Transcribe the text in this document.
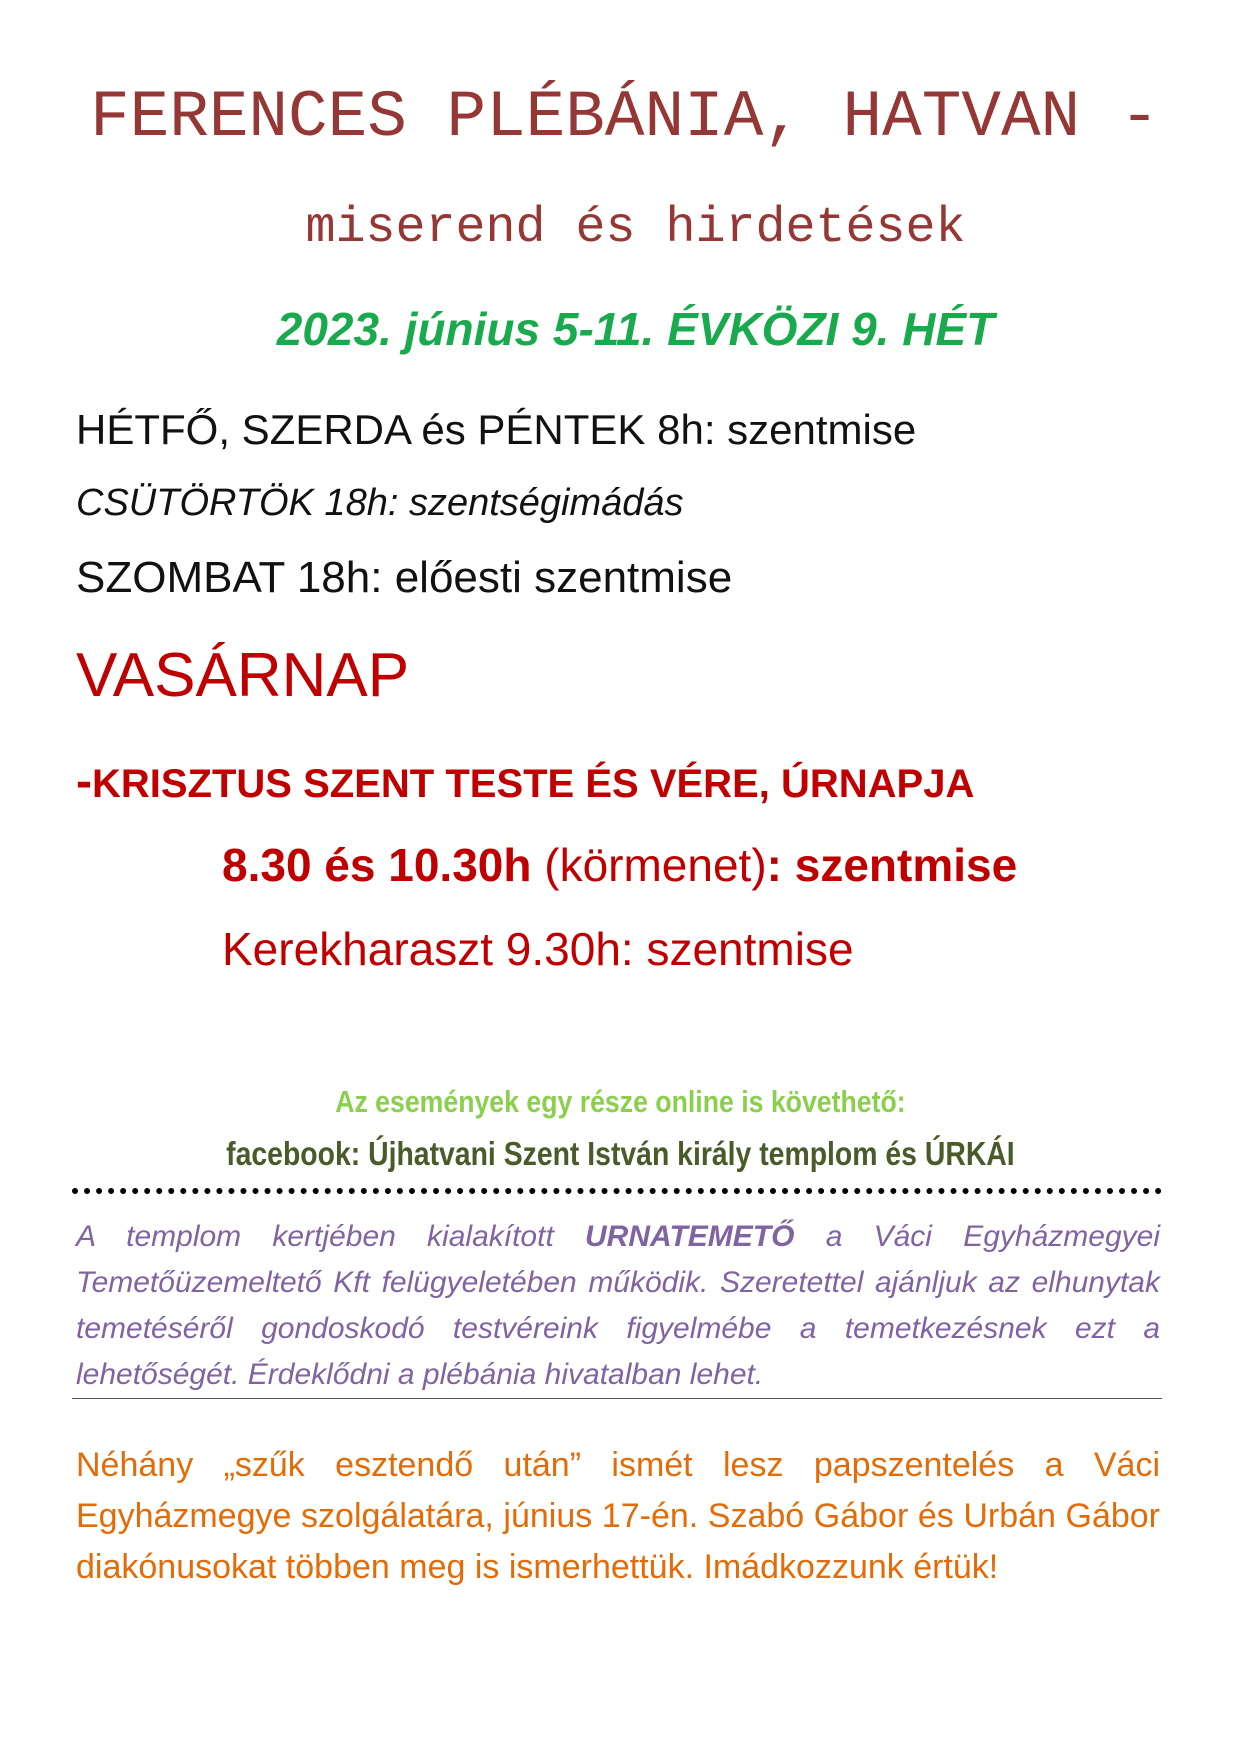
FERENCES PLÉBÁNIA, HATVAN -
miserend és hirdetések
2023. június 5-11. ÉVKÖZI 9. HÉT
HÉTFŐ, SZERDA és PÉNTEK 8h: szentmise
CSÜTÖRTÖK 18h: szentségimádás
SZOMBAT 18h: előesti szentmise
VASÁRNAP
-KRISZTUS SZENT TESTE ÉS VÉRE, ÚRNAPJA
8.30 és 10.30h (körmenet): szentmise
Kerekharaszt 9.30h: szentmise
Az események egy része online is követhető:
facebook: Újhatvani Szent István király templom és ÚRKÁI

A templom kertjében kialakított URNATEMETŐ a Váci Egyházmegyei Temetőüzemeltető Kft felügyeletében működik. Szeretettel ajánljuk az elhunytak temetéséről gondoskodó testvéreink figyelmébe a temetkezésnek ezt a lehetőségét. Érdeklődni a plébánia hivatalban lehet.

Néhány „szűk esztendő után” ismét lesz papszentelés a Váci Egyházmegye szolgálatára, június 17-én. Szabó Gábor és Urbán Gábor diakónusokat többen meg is ismerhettük. Imádkozzunk értük!
